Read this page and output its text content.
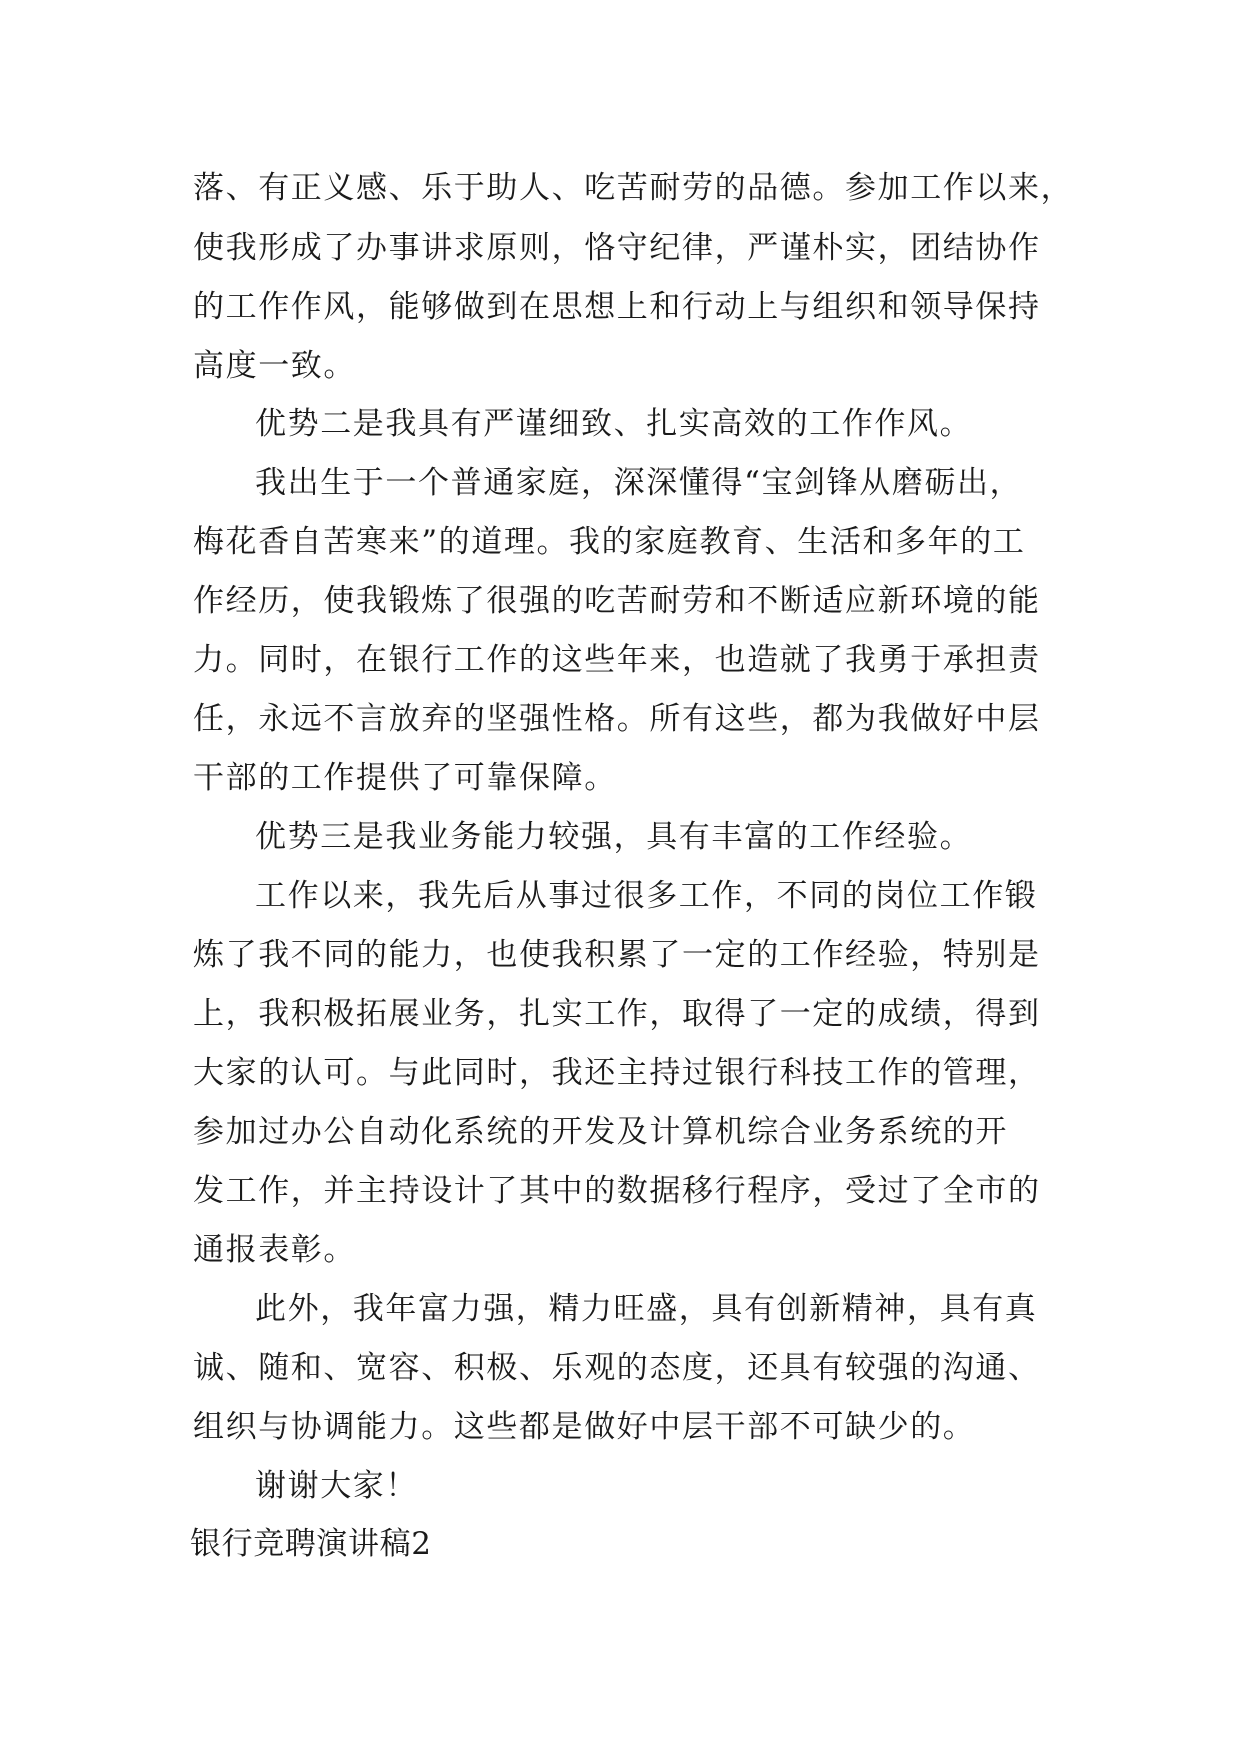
落、有正义感、乐于助人、吃苦耐劳的品德。参加工作以来，
使我形成了办事讲求原则，恪守纪律，严谨朴实，团结协作
的工作作风，能够做到在思想上和行动上与组织和领导保持
高度一致。
优势二是我具有严谨细致、扎实高效的工作作风。
我出生于一个普通家庭，深深懂得“宝剑锋从磨砺出，
梅花香自苦寒来”的道理。我的家庭教育、生活和多年的工
作经历，使我锻炼了很强的吃苦耐劳和不断适应新环境的能
力。同时，在银行工作的这些年来，也造就了我勇于承担责
任，永远不言放弃的坚强性格。所有这些，都为我做好中层
干部的工作提供了可靠保障。
优势三是我业务能力较强，具有丰富的工作经验。
工作以来，我先后从事过很多工作，不同的岗位工作锻
炼了我不同的能力，也使我积累了一定的工作经验，特别是
上，我积极拓展业务，扎实工作，取得了一定的成绩，得到
大家的认可。与此同时，我还主持过银行科技工作的管理，
参加过办公自动化系统的开发及计算机综合业务系统的开
发工作，并主持设计了其中的数据移行程序，受过了全市的
通报表彰。
此外，我年富力强，精力旺盛，具有创新精神，具有真
诚、随和、宽容、积极、乐观的态度，还具有较强的沟通、
组织与协调能力。这些都是做好中层干部不可缺少的。
谢谢大家！
银行竞聘演讲稿2
